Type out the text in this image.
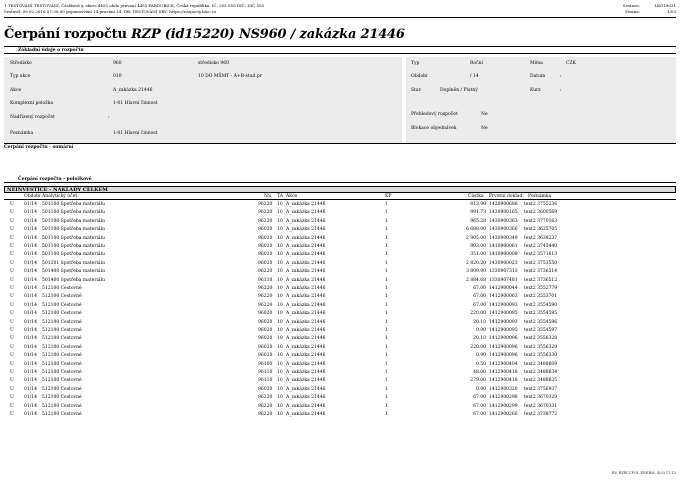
1 TESTOVÁNÍ TESTOVÁNÍ, Částková y, okres 4455 obdo pravaní 4455 PARDUBICE, Česká republika. IČ: 555 555 DIČ: DIČ 555
Sestavil: 09.02.2016 07:30:00 pojmenování 14 pravání 14. DB: TESTOVÁNÍ SRV: https://rozpocty.bloc.cz
Sestava:	LEG18031
Strana:	1/03
Čerpání rozpočtu RZP (id15220) NS960 / zakázka 21446
Základní údaje o rozpočtu
Středisko	960	středisko 960
Typ akce	010	10 DO MŠMT - A+B-stud.pr
Akce	A_zakázka 21446
Komplexní položka	1-01 Hlavní činnost
Nadřízený rozpočet	:
Poznámka	1-01 Hlavní činnost
Typ	Roční	Měna	CZK
Období	/ 14	Datum	:
Stav	Doplněn / Platný	Kurz	:
Přehledový rozpočet	Ne
Blokace objednávek	Ne
Čerpání rozpočtu - sumární
Čerpání rozpočtu - položkově
NEINVESTICE - NÁKLADY CELKEM
Období Analytický účet	NS TA Akce	KP	Částka Prvotní doklad Poznámka
U 01/14 501100 Spotřeba materiálu	96220 10 A_zakázka 21446	1	813.90 1420900686 text2 3755236
U 01/14 501100 Spotřeba materiálu	96220 10 A_zakázka 21446	1	991.73 1430900165 text2 3600569
U 01/14 501100 Spotřeba materiálu	96220 10 A_zakázka 21446	1	965.28 1430900363 text2 3770163
U 01/14 501100 Spotřeba materiálu	96020 10 A_zakázka 21446	1	6 688.00 1430900366 text2 3625705
U 01/14 501100 Spotřeba materiálu	96020 10 A_zakázka 21446	1	2 905.00 1430900349 text2 3638237
U 01/14 501100 Spotřeba materiálu	96020 10 A_zakázka 21446	1	903.00 1410900061 text2 3745440
U 01/14 501100 Spotřeba materiálu	96020 10 A_zakázka 21446	1	351.00 1410900008 text2 3571613
U 01/14 501201 Spotřeba materiálu	96020 10 A_zakázka 21446	1	2 820.20 1430900023 text2 3753550
U 01/14 501400 Spotřeba materiálu	96220 10 A_zakázka 21446	1	3 809.90 1330907313 text2 3736514
U 01/14 501400 Spotřeba materiálu	96110 10 A_zakázka 21446	1	2 884.68 1330907481 text2 3736512
U 01/14 512100 Cestovné	96220 10 A_zakázka 21446	1	67.00 1412900044 text2 3552779
U 01/14 512100 Cestovné	96220 10 A_zakázka 21446	1	67.00 1412900063 text2 3553701
U 01/14 512100 Cestovné	96220 10 A_zakázka 21446	1	67.00 1412900093 text2 3554590
U 01/14 512100 Cestovné	96020 10 A_zakázka 21446	1	220.00 1412900095 text2 3554595
U 01/14 512100 Cestovné	96020 10 A_zakázka 21446	1	20.10 1412900093 text2 3554596
U 01/14 512100 Cestovné	96020 10 A_zakázka 21446	1	0.90 1412900095 text2 3554597
U 01/14 512100 Cestovné	96020 10 A_zakázka 21446	1	20.10 1412900096 text2 3556328
U 01/14 512100 Cestovné	96020 10 A_zakázka 21446	1	220.00 1412900096 text2 3556329
U 01/14 512100 Cestovné	96020 10 A_zakázka 21446	1	0.90 1412900096 text2 3556330
U 01/14 512100 Cestovné	96100 10 A_zakázka 21446	1	0.50 1412900404 text2 3488609
U 01/14 512100 Cestovné	96110 10 A_zakázka 21446	1	48.00 1412900418 text2 3488634
U 01/14 512100 Cestovné	96110 10 A_zakázka 21446	1	279.00 1412900418 text2 3488635
U 01/14 512100 Cestovné	96020 10 A_zakázka 21446	1	0.90 1412900320 text2 3756937
U 01/14 512100 Cestovné	96220 10 A_zakázka 21446	1	67.00 1412900298 text2 3670329
U 01/14 512100 Cestovné	96220 10 A_zakázka 21446	1	67.00 1412900299 text2 3670331
U 01/14 512100 Cestovné	96220 10 A_zakázka 21446	1	67.00 1412900266 text2 3738772
RS_RZRCCPOL ENERM, 4/03 11:13
